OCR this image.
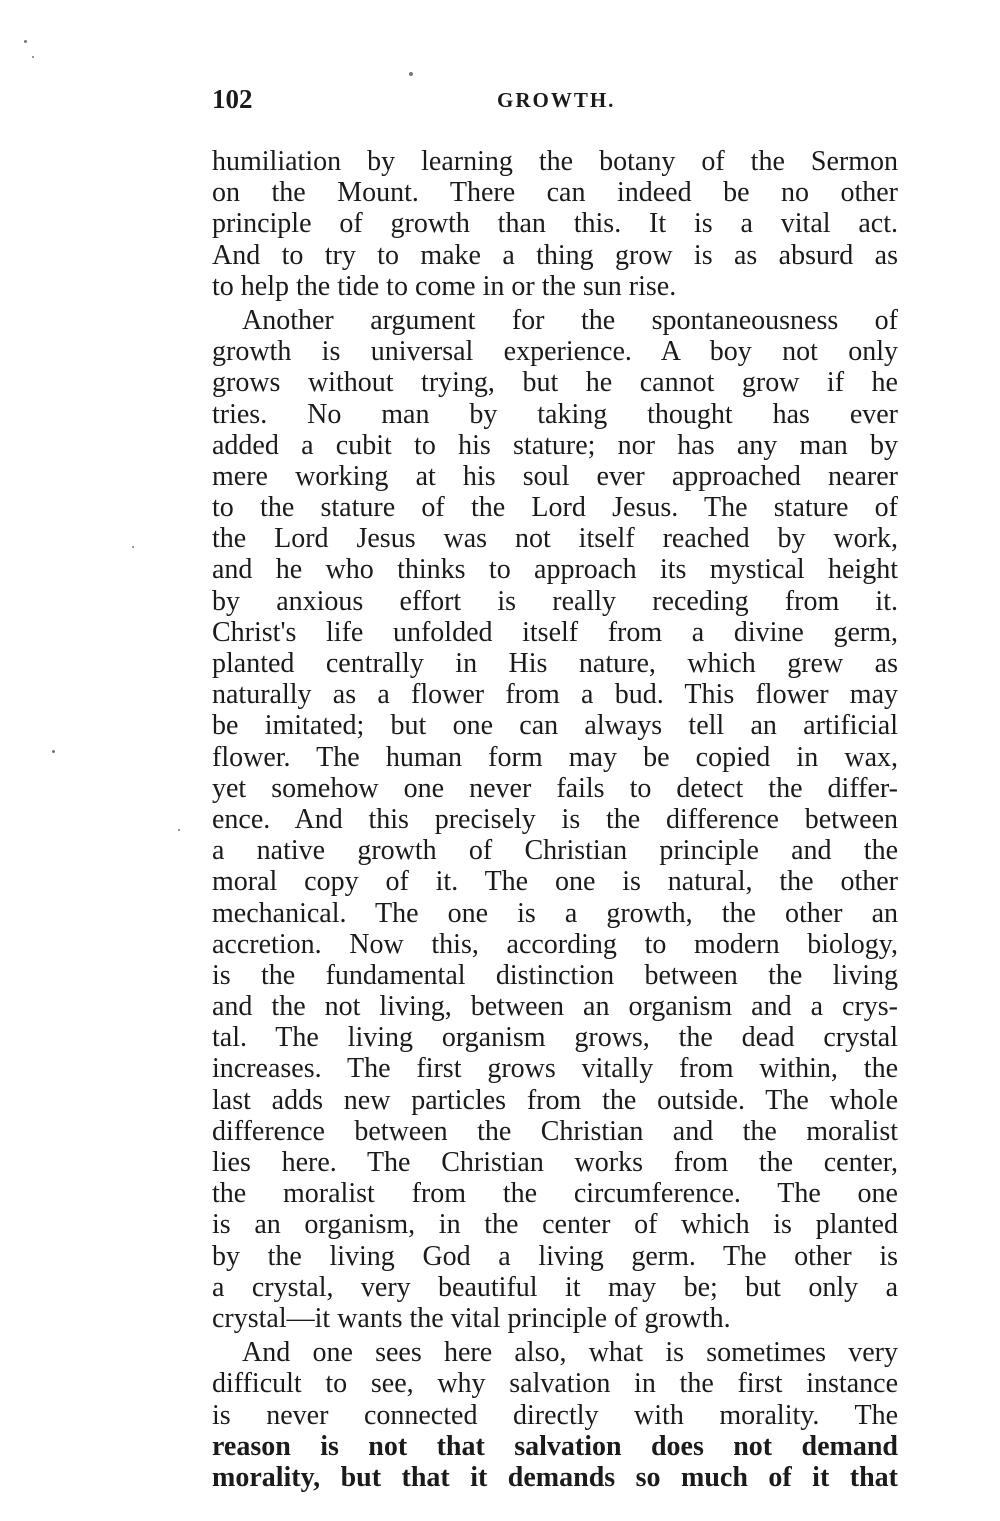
102	GROWTH.
humiliation by learning the botany of the Sermon
on the Mount. There can indeed be no other
principle of growth than this. It is a vital act.
And to try to make a thing grow is as absurd as
to help the tide to come in or the sun rise.
Another argument for the spontaneousness of
growth is universal experience. A boy not only
grows without trying, but he cannot grow if he
tries. No man by taking thought has ever
added a cubit to his stature; nor has any man by
mere working at his soul ever approached nearer
to the stature of the Lord Jesus. The stature of
the Lord Jesus was not itself reached by work,
and he who thinks to approach its mystical height
by anxious effort is really receding from it.
Christ's life unfolded itself from a divine germ,
planted centrally in His nature, which grew as
naturally as a flower from a bud. This flower may
be imitated; but one can always tell an artificial
flower. The human form may be copied in wax,
yet somehow one never fails to detect the differ-
ence. And this precisely is the difference between
a native growth of Christian principle and the
moral copy of it. The one is natural, the other
mechanical. The one is a growth, the other an
accretion. Now this, according to modern biology,
is the fundamental distinction between the living
and the not living, between an organism and a crys-
tal. The living organism grows, the dead crystal
increases. The first grows vitally from within, the
last adds new particles from the outside. The whole
difference between the Christian and the moralist
lies here. The Christian works from the center,
the moralist from the circumference. The one
is an organism, in the center of which is planted
by the living God a living germ. The other is
a crystal, very beautiful it may be; but only a
crystal—it wants the vital principle of growth.
And one sees here also, what is sometimes very
difficult to see, why salvation in the first instance
is never connected directly with morality. The
reason is not that salvation does not demand
morality, but that it demands so much of it that
